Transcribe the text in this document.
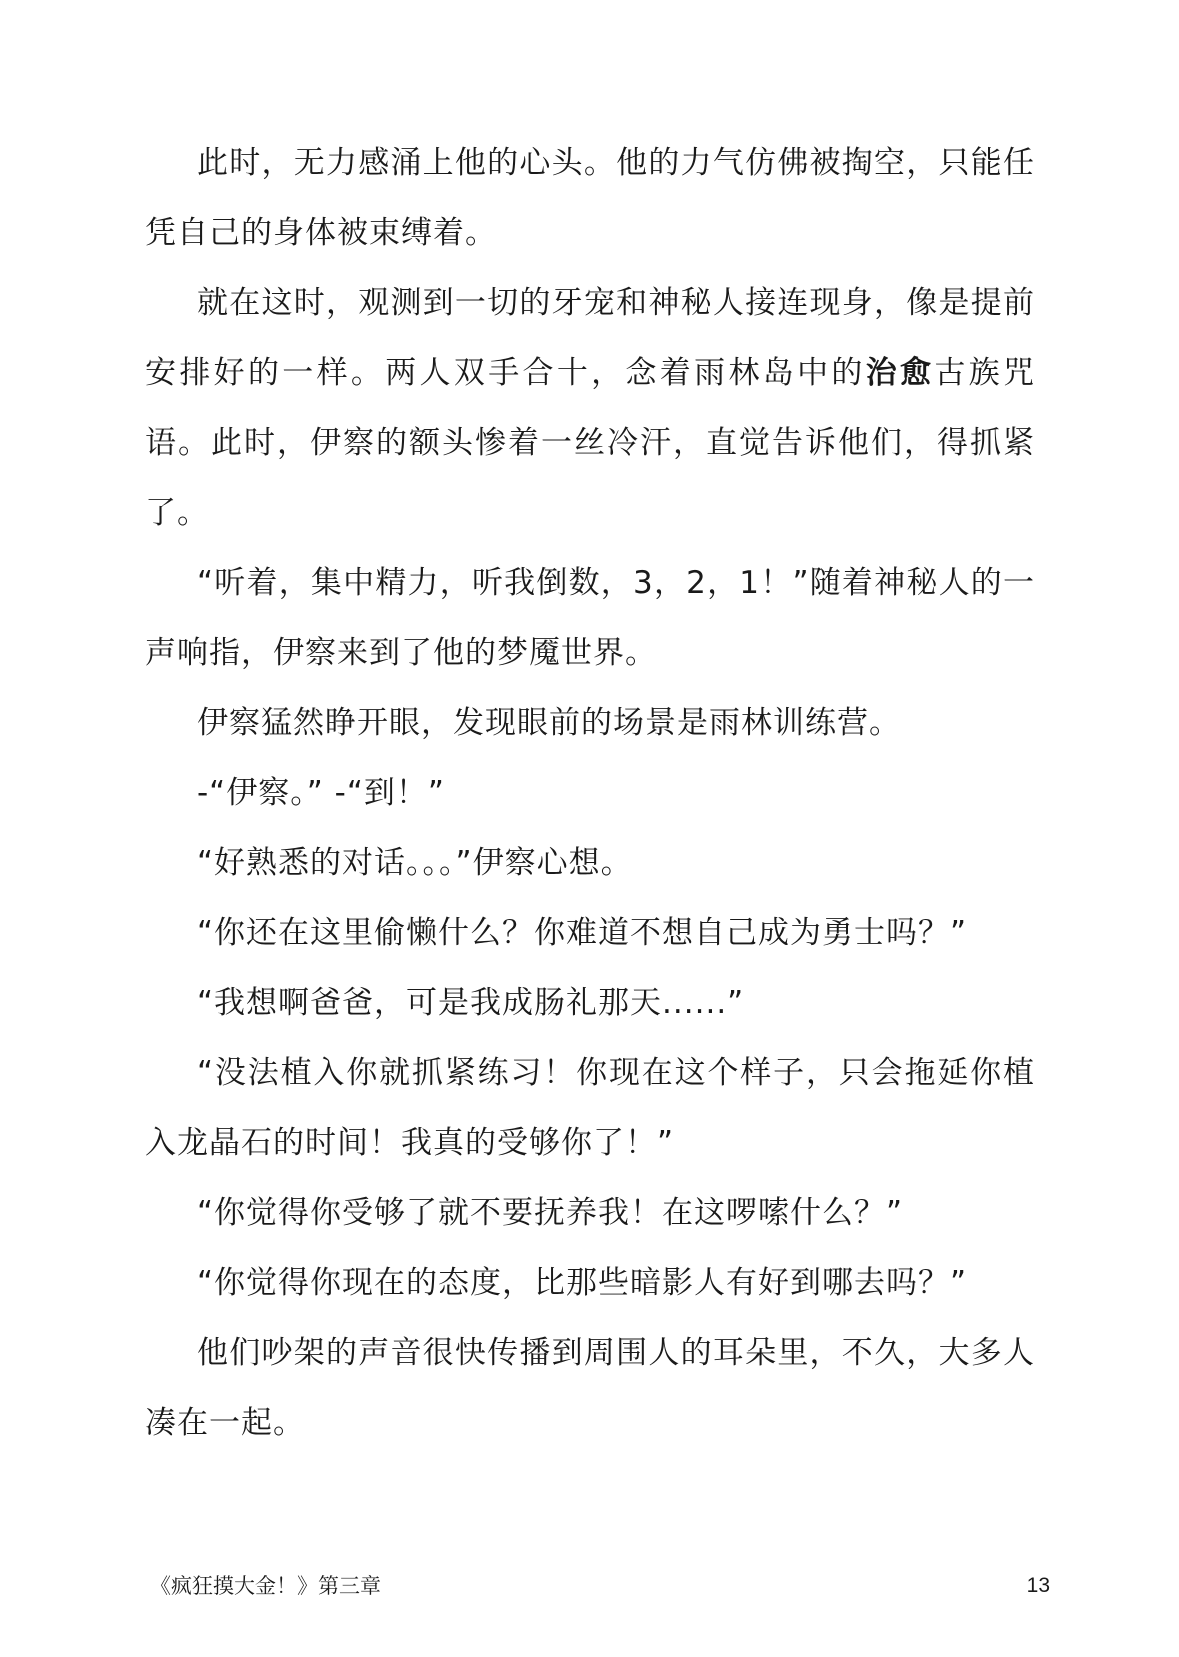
此时，无力感涌上他的心头。他的力气仿佛被掏空，只能任凭自己的身体被束缚着。

就在这时，观测到一切的牙宠和神秘人接连现身，像是提前安排好的一样。两人双手合十，念着雨林岛中的治愈古族咒语。此时，伊察的额头惨着一丝冷汗，直觉告诉他们，得抓紧了。

“听着，集中精力，听我倒数，3，2，1！”随着神秘人的一声响指，伊察来到了他的梦魇世界。

伊察猛然睁开眼，发现眼前的场景是雨林训练营。

-“伊察。” -“到！”

“好熟悉的对话。。。”伊察心想。

“你还在这里偷懒什么？你难道不想自己成为勇士吗？”

“我想啊爸爸，可是我成肠礼那天......”

“没法植入你就抓紧练习！你现在这个样子，只会拖延你植入龙晶石的时间！我真的受够你了！”

“你觉得你受够了就不要抚养我！在这啰嗦什么？”

“你觉得你现在的态度，比那些暗影人有好到哪去吗？”

他们吵架的声音很快传播到周围人的耳朵里，不久，大多人凑在一起。

《疯狂摸大金！》第三章	13
